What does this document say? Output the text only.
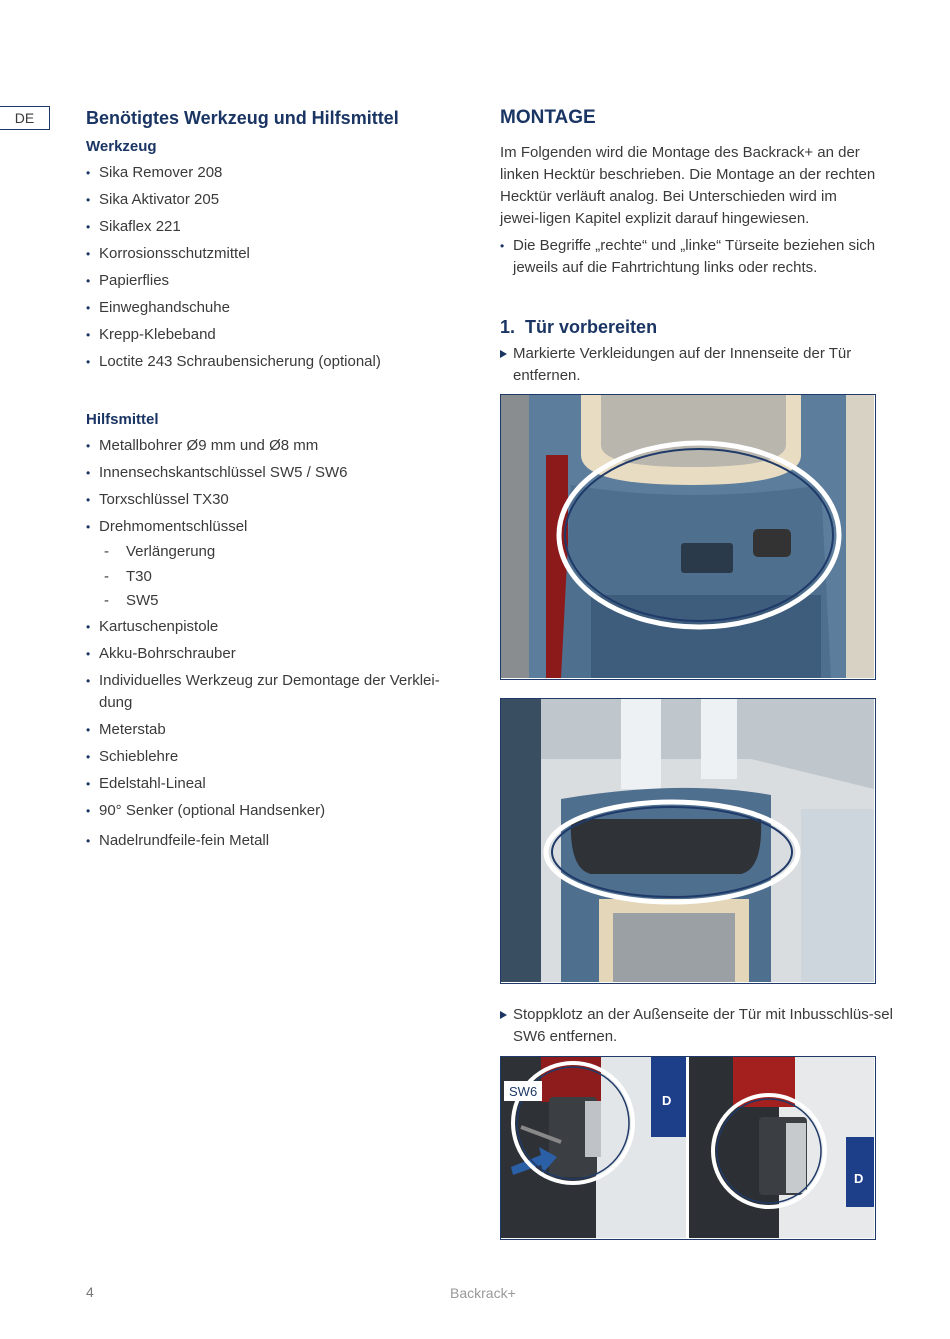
DE	Benötigtes Werkzeug und Hilfsmittel
Werkzeug
• Sika Remover 208
• Sika Aktivator 205
• Sikaflex 221
• Korrosionsschutzmittel
• Papierflies
• Einweghandschuhe
• Krepp-Klebeband
• Loctite 243 Schraubensicherung (optional)
Hilfsmittel
• Metallbohrer Ø9 mm und Ø8 mm
• Innensechskantschlüssel SW5 / SW6
• Torxschlüssel TX30
• Drehmomentschlüssel
- Verlängerung
- T30
- SW5
• Kartuschenpistole
• Akku-Bohrschrauber
• Individuelles Werkzeug zur Demontage der Verklei-
dung
• Meterstab
• Schieblehre
• Edelstahl-Lineal
• 90° Senker (optional Handsenker)
• Nadelrundfeile-fein Metall
MONTAGE

Im Folgenden wird die Montage des Backrack+ an der linken Hecktür beschrieben. Die Montage an der rechten Hecktür verläuft analog. Bei Unterschieden wird im jewei-ligen Kapitel explizit darauf hingewiesen.

• Die Begriffe „rechte“ und „linke“ Türseite beziehen sich jeweils auf die Fahrtrichtung links oder rechts.
1. Tür vorbereiten
Markierte Verkleidungen auf der Innenseite der Tür entfernen.
Stoppklotz an der Außenseite der Tür mit Inbusschlüs-sel SW6 entfernen.
SW6
D
D
4	Backrack+
